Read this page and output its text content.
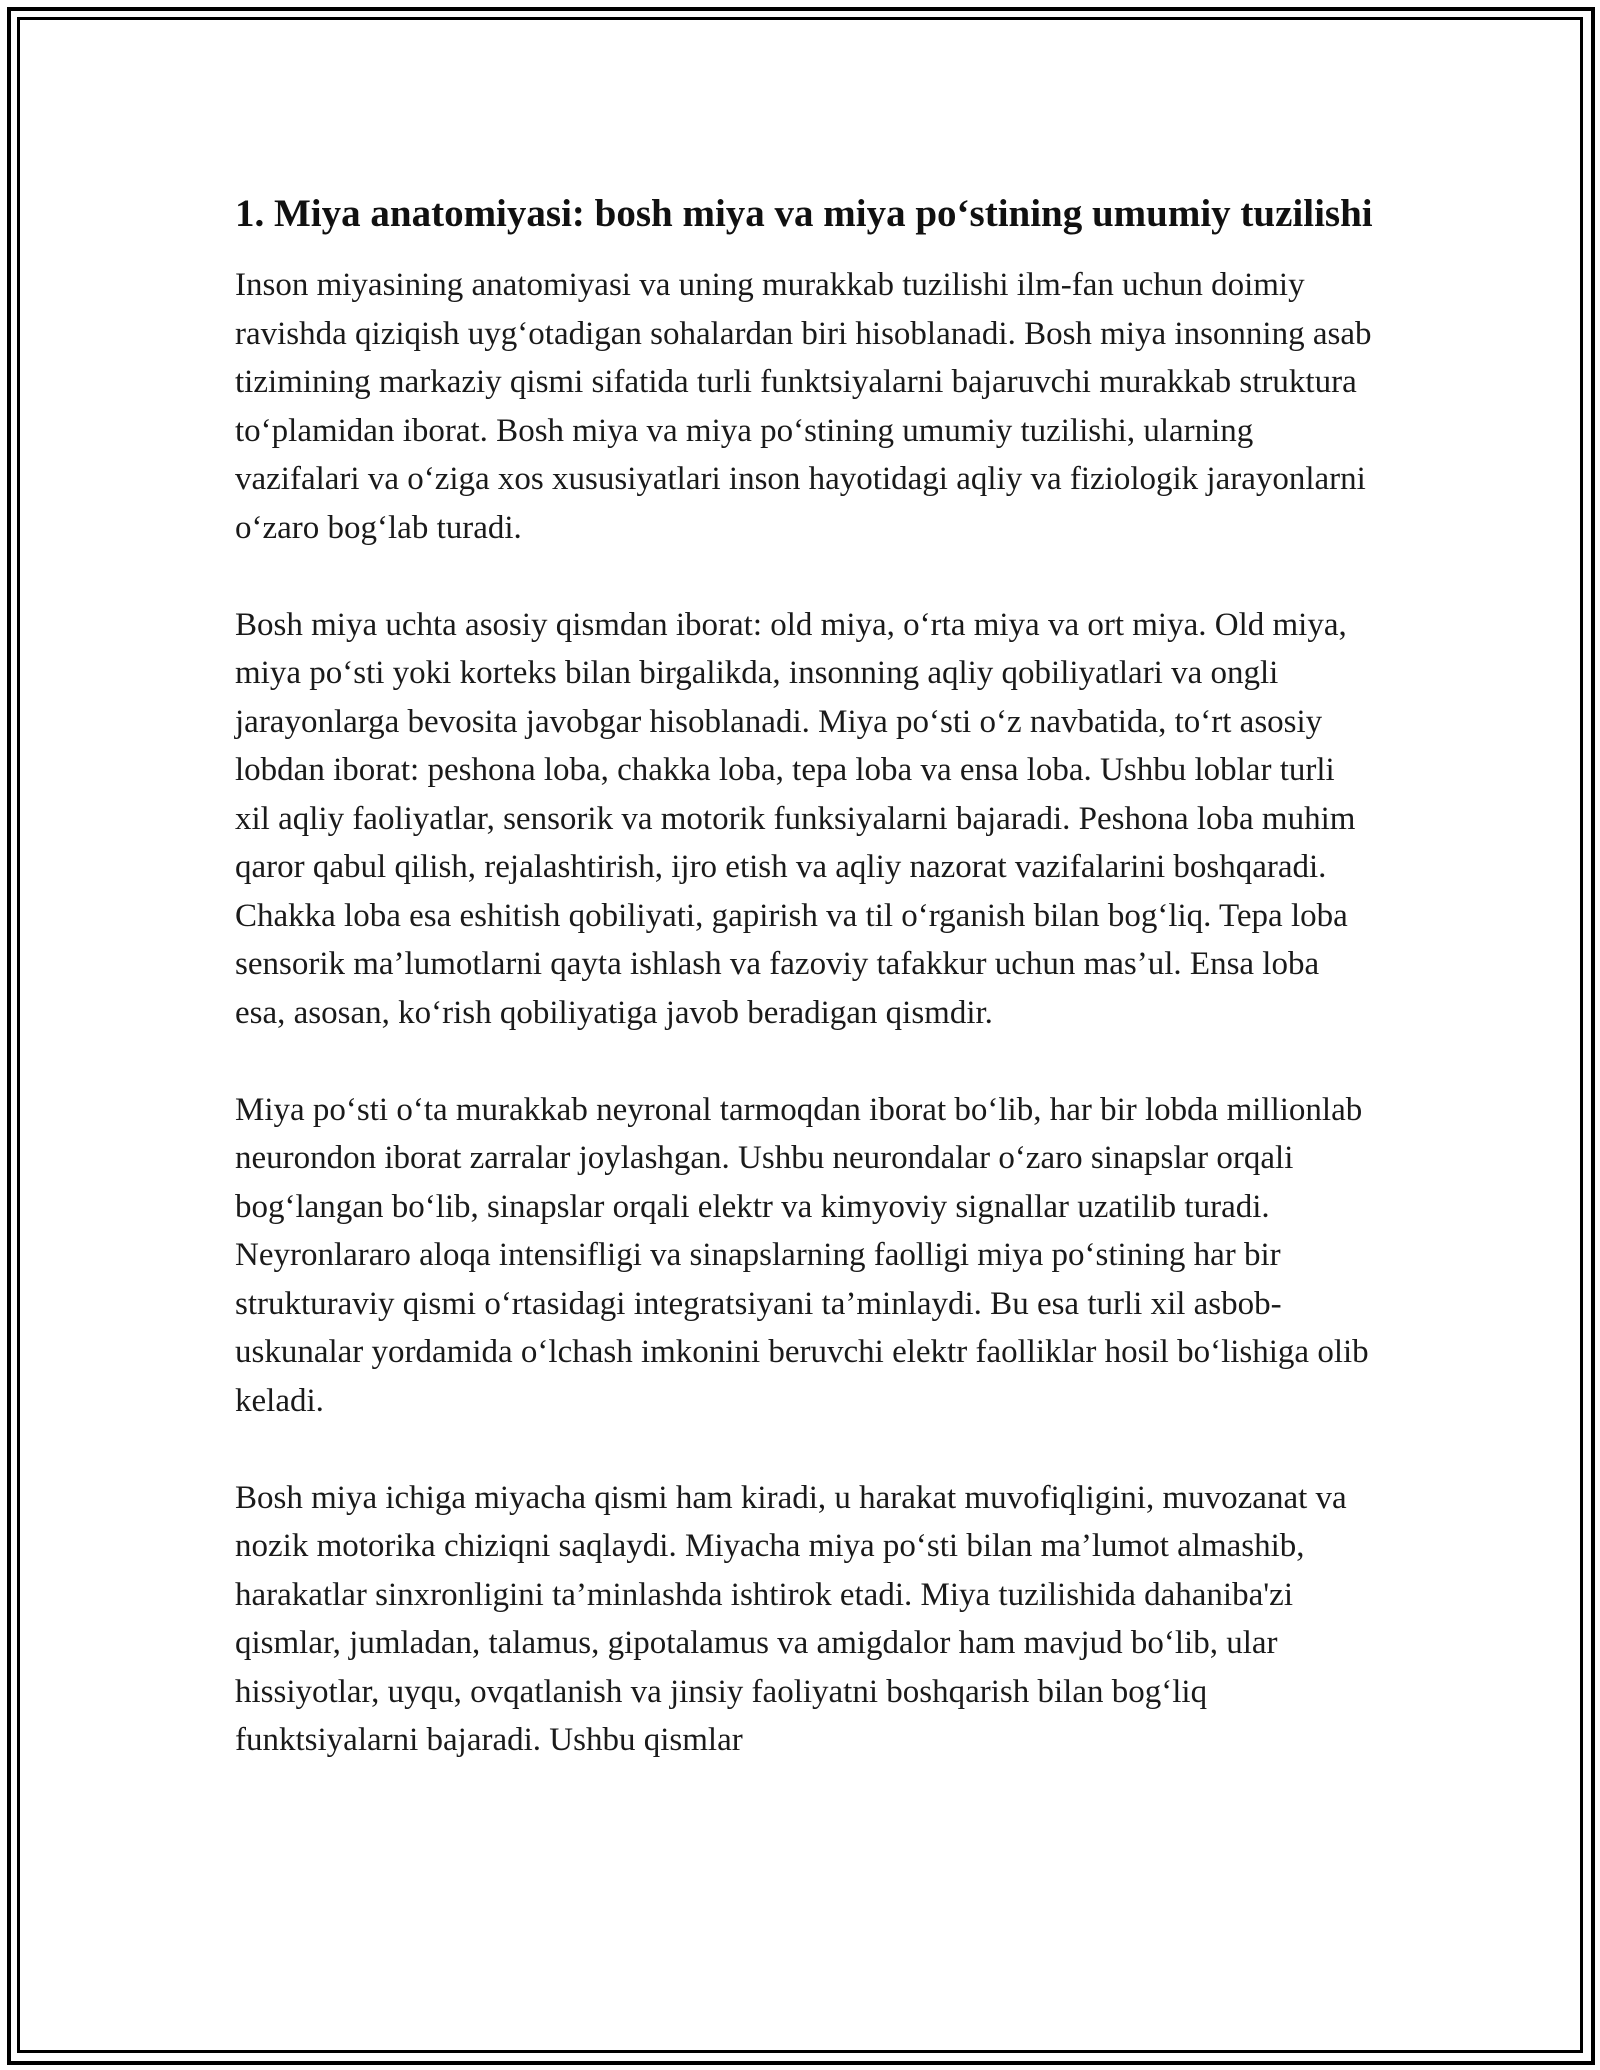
1. Miya anatomiyasi: bosh miya va miya po‘stining umumiy tuzilishi

Inson miyasining anatomiyasi va uning murakkab tuzilishi ilm-fan uchun doimiy ravishda qiziqish uyg‘otadigan sohalardan biri hisoblanadi. Bosh miya insonning asab tizimining markaziy qismi sifatida turli funktsiyalarni bajaruvchi murakkab struktura to‘plamidan iborat. Bosh miya va miya po‘stining umumiy tuzilishi, ularning vazifalari va o‘ziga xos xususiyatlari inson hayotidagi aqliy va fiziologik jarayonlarni o‘zaro bog‘lab turadi.

Bosh miya uchta asosiy qismdan iborat: old miya, o‘rta miya va ort miya. Old miya, miya po‘sti yoki korteks bilan birgalikda, insonning aqliy qobiliyatlari va ongli jarayonlarga bevosita javobgar hisoblanadi. Miya po‘sti o‘z navbatida, to‘rt asosiy lobdan iborat: peshona loba, chakka loba, tepa loba va ensa loba. Ushbu loblar turli xil aqliy faoliyatlar, sensorik va motorik funksiyalarni bajaradi. Peshona loba muhim qaror qabul qilish, rejalashtirish, ijro etish va aqliy nazorat vazifalarini boshqaradi. Chakka loba esa eshitish qobiliyati, gapirish va til o‘rganish bilan bog‘liq. Tepa loba sensorik ma’lumotlarni qayta ishlash va fazoviy tafakkur uchun mas’ul. Ensa loba esa, asosan, ko‘rish qobiliyatiga javob beradigan qismdir.

Miya po‘sti o‘ta murakkab neyronal tarmoqdan iborat bo‘lib, har bir lobda millionlab neurondon iborat zarralar joylashgan. Ushbu neurondalar o‘zaro sinapslar orqali bog‘langan bo‘lib, sinapslar orqali elektr va kimyoviy signallar uzatilib turadi. Neyronlararo aloqa intensifligi va sinapslarning faolligi miya po‘stining har bir strukturaviy qismi o‘rtasidagi integratsiyani ta’minlaydi. Bu esa turli xil asbob-uskunalar yordamida o‘lchash imkonini beruvchi elektr faolliklar hosil bo‘lishiga olib keladi.

Bosh miya ichiga miyacha qismi ham kiradi, u harakat muvofiqligini, muvozanat va nozik motorika chiziqni saqlaydi. Miyacha miya po‘sti bilan ma’lumot almashib, harakatlar sinxronligini ta’minlashda ishtirok etadi. Miya tuzilishida dahaniba'zi qismlar, jumladan, talamus, gipotalamus va amigdalor ham mavjud bo‘lib, ular hissiyotlar, uyqu, ovqatlanish va jinsiy faoliyatni boshqarish bilan bog‘liq funktsiyalarni bajaradi. Ushbu qismlar
